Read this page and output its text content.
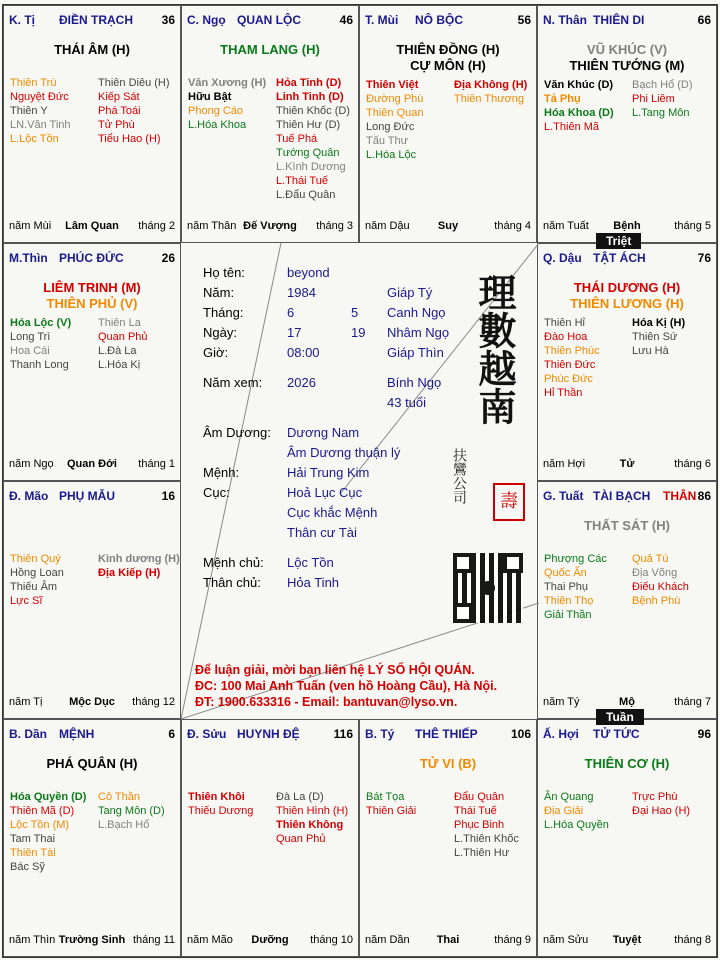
K. Tị ĐIỀN TRẠCH 36
THÁI ÂM (H)
Thiên Trù
Nguyệt Đức
Thiên Y
LN.Văn Tinh
L.Lộc Tồn
Thiên Diêu (H)
Kiếp Sát
Phá Toái
Tử Phù
Tiểu Hao (H)
năm Mùi	Lâm Quan	tháng 2
C. Ngọ QUAN LỘC	46
THAM LANG (H)
Văn Xương (H)
Hữu Bật
Phong Cáo
L.Hóa Khoa
Hỏa Tinh (D)
Linh Tinh (D)
Thiên Khốc (D)
Thiên Hư (D)
Tuế Phá
Tướng Quân
L.Kình Dương
L.Thái Tuế
L.Đẩu Quân
năm Thân Đế Vượng	tháng 3
T. Mùi NÔ BỘC	56
THIÊN ĐỒNG (H)
CỰ MÔN (H)
Thiên Việt
Đường Phù
Thiên Quan
Long Đức
Tấu Thư
L.Hóa Lộc
Địa Không (H)
Thiên Thương
năm Dậu	Suy	tháng 4
N. Thân THIÊN DI	66
VŨ KHÚC (V)
THIÊN TƯỚNG (M)
Văn Khúc (D)
Tả Phụ
Hóa Khoa (D)
L.Thiên Mã
Bạch Hổ (D)
Phi Liêm
L.Tang Môn
năm Tuất	Bệnh	tháng 5
M.Thìn PHÚC ĐỨC	26
LIÊM TRINH (M)
THIÊN PHỦ (V)
Hóa Lộc (V)
Long Trì
Hoa Cái
Thanh Long
Thiên La
Quan Phủ
L.Đà La
L.Hóa Kị
năm Ngọ	Quan Đới	tháng 1
Q. Dậu TẬT ÁCH	76
THÁI DƯƠNG (H)
THIÊN LƯƠNG (H)
Thiên Hỉ
Đào Hoa
Thiên Phúc
Thiên Đức
Phúc Đức
Hỉ Thần
Hóa Kị (H)
Thiên Sứ
Lưu Hà
năm Hợi	Tử	tháng 6
Đ. Mão PHỤ MẪU	16
Thiên Quý
Hồng Loan
Thiếu Âm
Lực Sĩ
Kình dương (H)
Địa Kiếp (H)
năm Tị	Mộc Dục	tháng 12
G. Tuất TÀI BẠCH THÂN 86
THẤT SÁT (H)
Phượng Các
Quốc Ấn
Thai Phụ
Thiên Thọ
Giải Thần
Quả Tú
Địa Võng
Điếu Khách
Bệnh Phù
năm Tý	Mộ	tháng 7
B. Dần MỆNH	6
PHÁ QUÂN (H)
Hóa Quyền (D)
Thiên Mã (D)
Lộc Tồn (M)
Tam Thai
Thiên Tài
Bác Sỹ
Cô Thần
Tang Môn (D)
L.Bạch Hổ
năm Thìn Trường Sinh tháng 11
Đ. Sửu HUYNH ĐỆ	116
Thiên Khôi
Thiếu Dương
Đà La (D)
Thiên Hình (H)
Thiên Không
Quan Phủ
năm Mão	Dưỡng	tháng 10
B. Tý THÊ THIẾP	106
TỬ VI (B)
Bát Tọa
Thiên Giải
Đẩu Quân
Thái Tuế
Phục Binh
L.Thiên Khốc
L.Thiên Hư
năm Dần	Thai	tháng 9
Ấ. Hợi TỬ TỨC	96
THIÊN CƠ (H)
Ân Quang
Địa Giải
L.Hóa Quyền
Trực Phù
Đại Hao (H)
năm Sửu	Tuyệt	tháng 8
Họ tên:	beyond
Năm:	1984	Giáp Tý
Tháng:	6	5 Canh Ngọ
Ngày:	17	19 Nhâm Ngọ
Giờ:	08:00	Giáp Thìn
Năm xem: 2026	Bính Ngọ
43 tuổi
Âm Dương: Dương Nam
Âm Dương thuận lý
Mệnh:	Hải Trung Kim
Cục:	Hoả Lục Cục
Cục khắc Mệnh
Thân cư Tài
Mệnh chủ: Lộc Tồn
Thân chủ: Hỏa Tinh
理數越南
扶鸞公司	壽
Để luận giải, mời bạn liên hệ LÝ SỐ HỘI QUÁN.
ĐC: 100 Mai Anh Tuấn (ven hồ Hoàng Cầu), Hà Nội.
ĐT: 1900.633316 - Email: bantuvan@lyso.vn.
Triệt
Tuần
